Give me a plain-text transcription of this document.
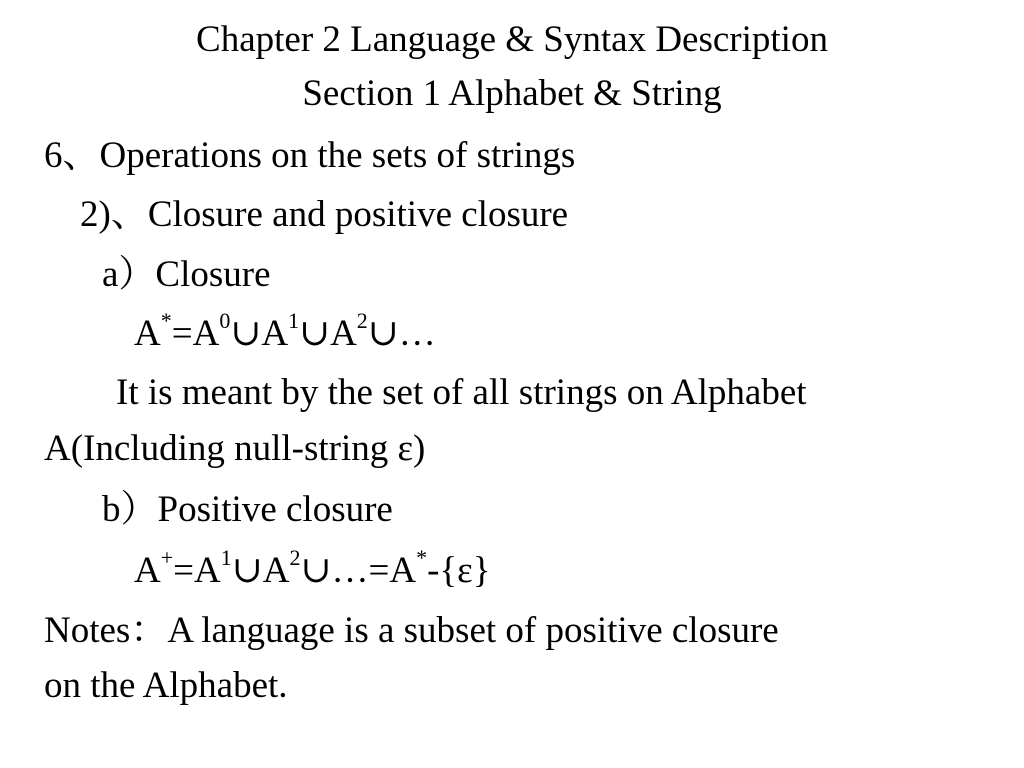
Chapter 2 Language & Syntax Description
Section 1 Alphabet & String
6、Operations on the sets of strings
2)、Closure and positive closure
a）Closure
$A^*=A^0\cup A^1\cup A^2\cup\dots$
It is meant by the set of all strings on Alphabet
A(Including null-string ε)
b）Positive closure
$A^+=A^1\cup A^2\cup\dots=A^*-\{\varepsilon\}$
Notes：A language is a subset of positive closure
on the Alphabet.
